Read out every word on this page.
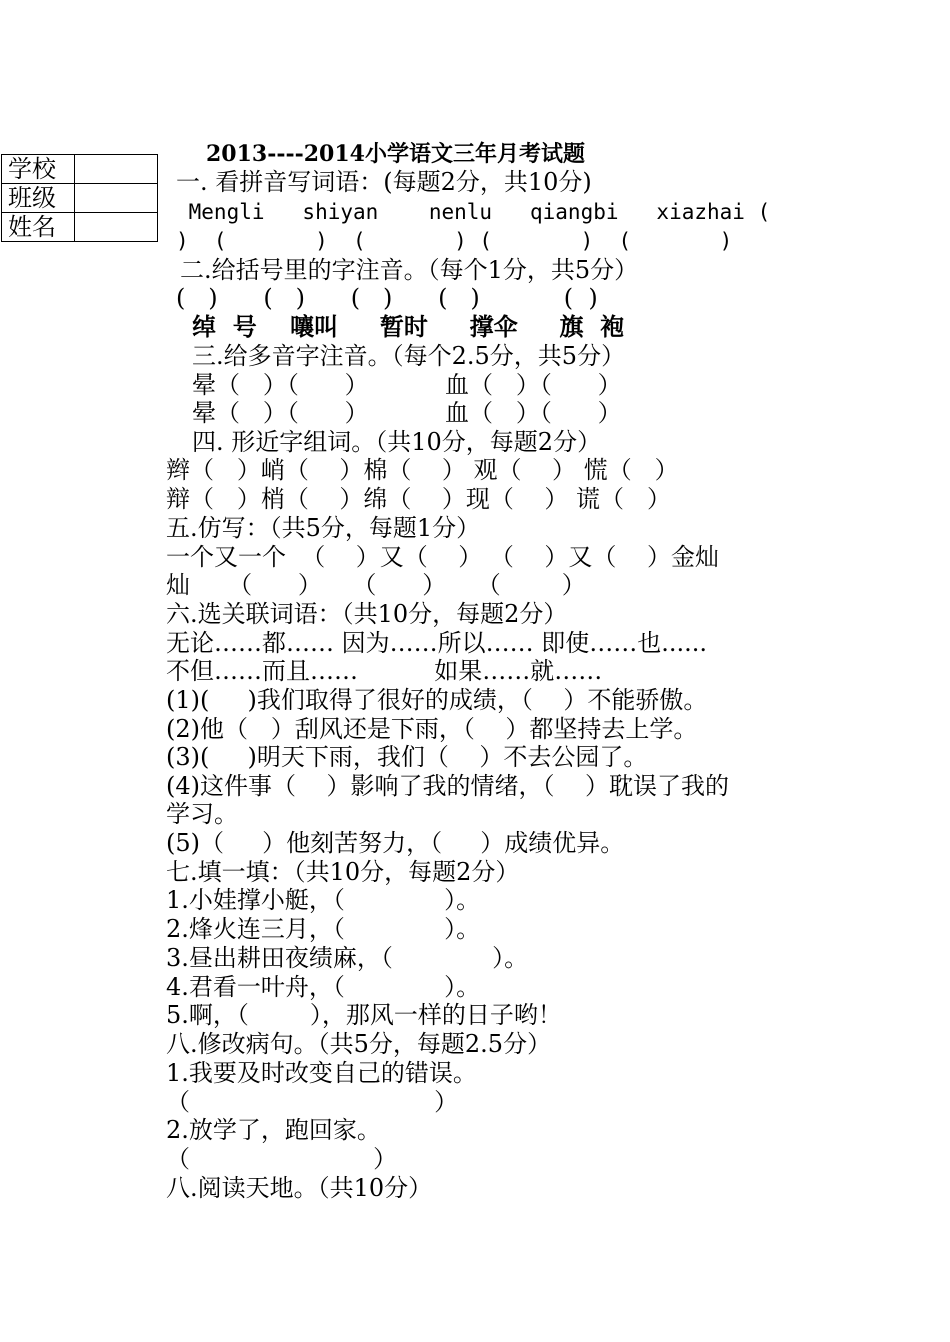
学校	
班级	
姓名	
2013----2014小学语文三年月考试题
一. 看拼音写词语：(每题2分，共10分)
Mengli   shiyan    nenlu   qiangbi   xiazhai (
)  (       )  (       ) (       )  (       )
二.给括号里的字注音。（每个1分，共5分）
(   )      (   )      (   )      (   )           (  )
绰  号    嚷叫     暂时     撑伞     旗  袍
三.给多音字注音。（每个2.5分，共5分）
晕（   ）（      ）          血（   ）（      ）
晕（   ）（      ）          血（   ）（      ）
四. 形近字组词。（共10分，每题2分）
辫（   ）峭（    ）棉（    ） 观（    ） 慌（   ）
辩（   ）梢（    ）绵（    ）现（    ） 谎（   ）
五.仿写：（共5分，每题1分）
一个又一个  （    ）又（    ） （    ）又（    ）金灿
灿     （      ）    （      ）    （        ）
六.选关联词语：（共10分，每题2分）
无论……都…… 因为……所以…… 即使……也......
不但……而且……          如果……就……
(1)(     )我们取得了很好的成绩，（    ）不能骄傲。
(2)他（   ）刮风还是下雨，（    ）都坚持去上学。
(3)(     )明天下雨，我们（    ）不去公园了。
(4)这件事（    ）影响了我的情绪，（    ）耽误了我的
学习。
(5)（     ）他刻苦努力，（     ）成绩优异。
七.填一填：（共10分，每题2分）
1.小娃撑小艇，（             ）。
2.烽火连三月，（             ）。
3.昼出耕田夜绩麻，（             ）。
4.君看一叶舟，（             ）。
5.啊，（        ），那风一样的日子哟！
八.修改病句。（共5分，每题2.5分）
1.我要及时改变自己的错误。
（                                ）
2.放学了，跑回家。
（                        ）
八.阅读天地。（共10分）
